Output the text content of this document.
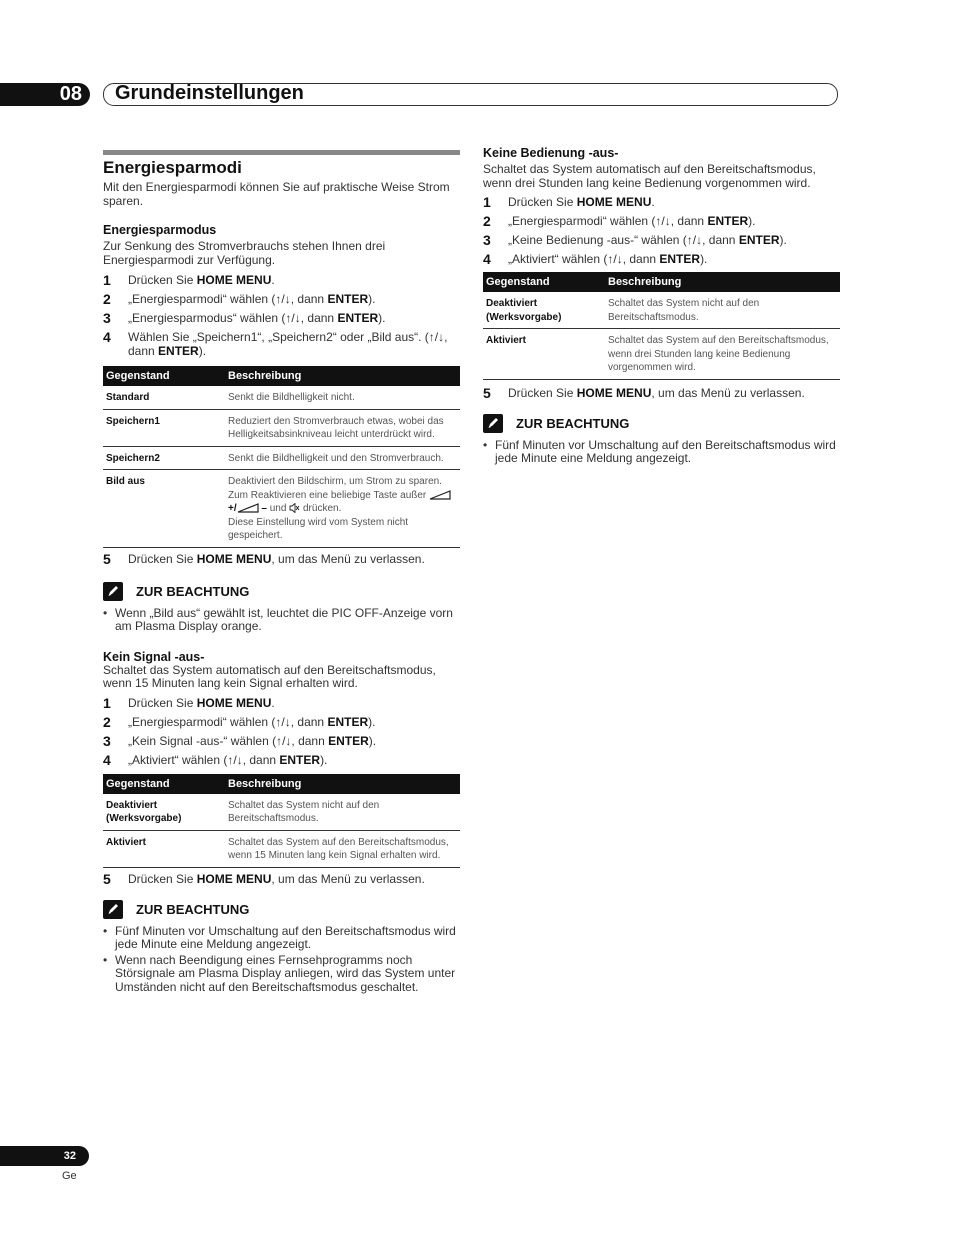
08	Grundeinstellungen
Energiesparmodi

Mit den Energiesparmodi können Sie auf praktische Weise Strom sparen.

Energiesparmodus

Zur Senkung des Stromverbrauchs stehen Ihnen drei Energiesparmodi zur Verfügung.

1	Drücken Sie HOME MENU.
2	„Energiesparmodi“ wählen (↑/↓, dann ENTER).
3	„Energiesparmodus“ wählen (↑/↓, dann ENTER).
4	Wählen Sie „Speichern1“, „Speichern2“ oder „Bild aus“. (↑/↓, dann ENTER).
Gegenstand	Beschreibung
Standard	Senkt die Bildhelligkeit nicht.
Speichern1	Reduziert den Stromverbrauch etwas, wobei das Helligkeitsabsinkniveau leicht unterdrückt wird.
Speichern2	Senkt die Bildhelligkeit und den Stromverbrauch.
Bild aus	Deaktiviert den Bildschirm, um Strom zu sparen. Zum Reaktivieren eine beliebige Taste außer +/ – und drücken.
Diese Einstellung wird vom System nicht gespeichert.
5	Drücken Sie HOME MENU, um das Menü zu verlassen.
ZUR BEACHTUNG
• Wenn „Bild aus“ gewählt ist, leuchtet die PIC OFF-Anzeige vorn am Plasma Display orange.
Kein Signal -aus-

Schaltet das System automatisch auf den Bereitschaftsmodus, wenn 15 Minuten lang kein Signal erhalten wird.

1	Drücken Sie HOME MENU.
2	„Energiesparmodi“ wählen (↑/↓, dann ENTER).
3	„Kein Signal -aus-“ wählen (↑/↓, dann ENTER).
4	„Aktiviert“ wählen (↑/↓, dann ENTER).
Gegenstand	Beschreibung
Deaktiviert (Werksvorgabe)	Schaltet das System nicht auf den Bereitschaftsmodus.
Aktiviert	Schaltet das System auf den Bereitschaftsmodus, wenn 15 Minuten lang kein Signal erhalten wird.
5	Drücken Sie HOME MENU, um das Menü zu verlassen.
ZUR BEACHTUNG
• Fünf Minuten vor Umschaltung auf den Bereitschaftsmodus wird jede Minute eine Meldung angezeigt.
• Wenn nach Beendigung eines Fernsehprogramms noch Störsignale am Plasma Display anliegen, wird das System unter Umständen nicht auf den Bereitschaftsmodus geschaltet.
Keine Bedienung -aus-

Schaltet das System automatisch auf den Bereitschaftsmodus, wenn drei Stunden lang keine Bedienung vorgenommen wird.

1	Drücken Sie HOME MENU.
2	„Energiesparmodi“ wählen (↑/↓, dann ENTER).
3	„Keine Bedienung -aus-“ wählen (↑/↓, dann ENTER).
4	„Aktiviert“ wählen (↑/↓, dann ENTER).
Gegenstand	Beschreibung
Deaktiviert (Werksvorgabe)	Schaltet das System nicht auf den Bereitschaftsmodus.
Aktiviert	Schaltet das System auf den Bereitschaftsmodus, wenn drei Stunden lang keine Bedienung vorgenommen wird.
5	Drücken Sie HOME MENU, um das Menü zu verlassen.
ZUR BEACHTUNG
• Fünf Minuten vor Umschaltung auf den Bereitschaftsmodus wird jede Minute eine Meldung angezeigt.
32
Ge
